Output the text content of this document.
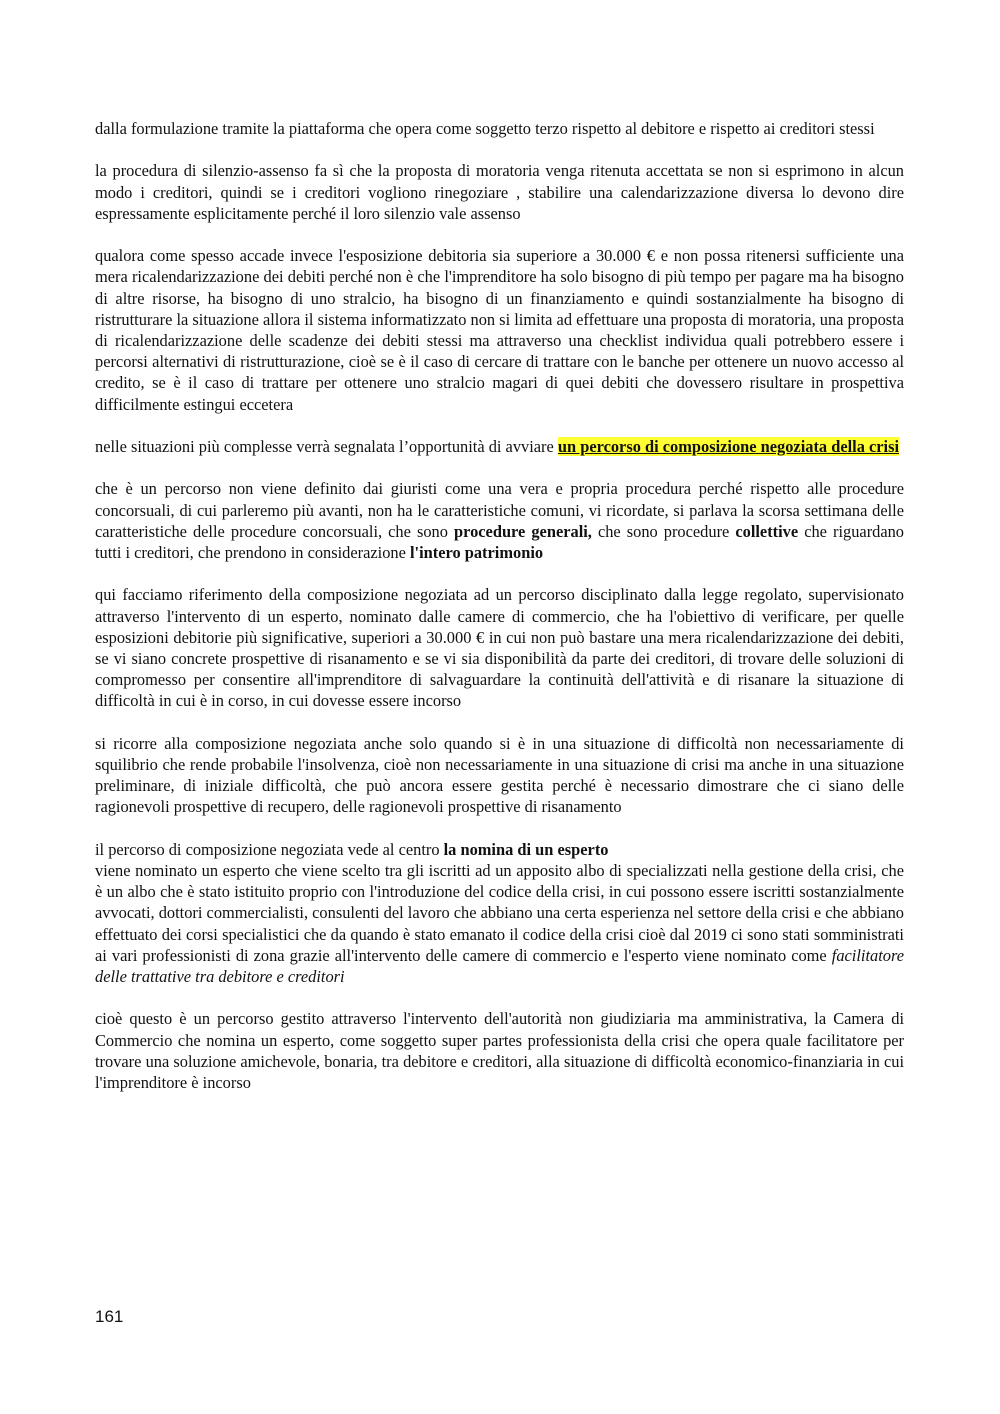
dalla formulazione tramite la piattaforma che opera come soggetto terzo rispetto al debitore e rispetto ai creditori stessi

la procedura di silenzio-assenso fa sì che la proposta di moratoria venga ritenuta accettata se non si esprimono in alcun modo i creditori, quindi se i creditori vogliono rinegoziare , stabilire una calendarizzazione diversa lo devono dire espressamente esplicitamente perché il loro silenzio vale assenso

qualora come spesso accade invece l'esposizione debitoria sia superiore a 30.000 € e non possa ritenersi sufficiente una mera ricalendarizzazione dei debiti perché non è che l'imprenditore ha solo bisogno di più tempo per pagare ma ha bisogno di altre risorse, ha bisogno di uno stralcio, ha bisogno di un finanziamento e quindi sostanzialmente ha bisogno di ristrutturare la situazione allora il sistema informatizzato non si limita ad effettuare una proposta di moratoria, una proposta di ricalendarizzazione delle scadenze dei debiti stessi ma attraverso una checklist individua quali potrebbero essere i percorsi alternativi di ristrutturazione, cioè se è il caso di cercare di trattare con le banche per ottenere un nuovo accesso al credito, se è il caso di trattare per ottenere uno stralcio magari di quei debiti che dovessero risultare in prospettiva difficilmente estingui eccetera

nelle situazioni più complesse verrà segnalata l’opportunità di avviare un percorso di composizione negoziata della crisi

che è un percorso non viene definito dai giuristi come una vera e propria procedura perché rispetto alle procedure concorsuali, di cui parleremo più avanti, non ha le caratteristiche comuni, vi ricordate, si parlava la scorsa settimana delle caratteristiche delle procedure concorsuali, che sono procedure generali, che sono procedure collettive che riguardano tutti i creditori, che prendono in considerazione l'intero patrimonio

qui facciamo riferimento della composizione negoziata ad un percorso disciplinato dalla legge regolato, supervisionato attraverso l'intervento di un esperto, nominato dalle camere di commercio, che ha l'obiettivo di verificare, per quelle esposizioni debitorie più significative, superiori a 30.000 € in cui non può bastare una mera ricalendarizzazione dei debiti, se vi siano concrete prospettive di risanamento e se vi sia disponibilità da parte dei creditori, di trovare delle soluzioni di compromesso per consentire all'imprenditore di salvaguardare la continuità dell'attività e di risanare la situazione di difficoltà in cui è in corso, in cui dovesse essere incorso

si ricorre alla composizione negoziata anche solo quando si è in una situazione di difficoltà non necessariamente di squilibrio che rende probabile l'insolvenza, cioè non necessariamente in una situazione di crisi ma anche in una situazione preliminare, di iniziale difficoltà, che può ancora essere gestita perché è necessario dimostrare che ci siano delle ragionevoli prospettive di recupero, delle ragionevoli prospettive di risanamento

il percorso di composizione negoziata vede al centro la nomina di un esperto

viene nominato un esperto che viene scelto tra gli iscritti ad un apposito albo di specializzati nella gestione della crisi, che è un albo che è stato istituito proprio con l'introduzione del codice della crisi, in cui possono essere iscritti sostanzialmente avvocati, dottori commercialisti, consulenti del lavoro che abbiano una certa esperienza nel settore della crisi e che abbiano effettuato dei corsi specialistici che da quando è stato emanato il codice della crisi cioè dal 2019 ci sono stati somministrati ai vari professionisti di zona grazie all'intervento delle camere di commercio e l'esperto viene nominato come facilitatore delle trattative tra debitore e creditori

cioè questo è un percorso gestito attraverso l'intervento dell'autorità non giudiziaria ma amministrativa, la Camera di Commercio che nomina un esperto, come soggetto super partes professionista della crisi che opera quale facilitatore per trovare una soluzione amichevole, bonaria, tra debitore e creditori, alla situazione di difficoltà economico-finanziaria in cui l'imprenditore è incorso

161
